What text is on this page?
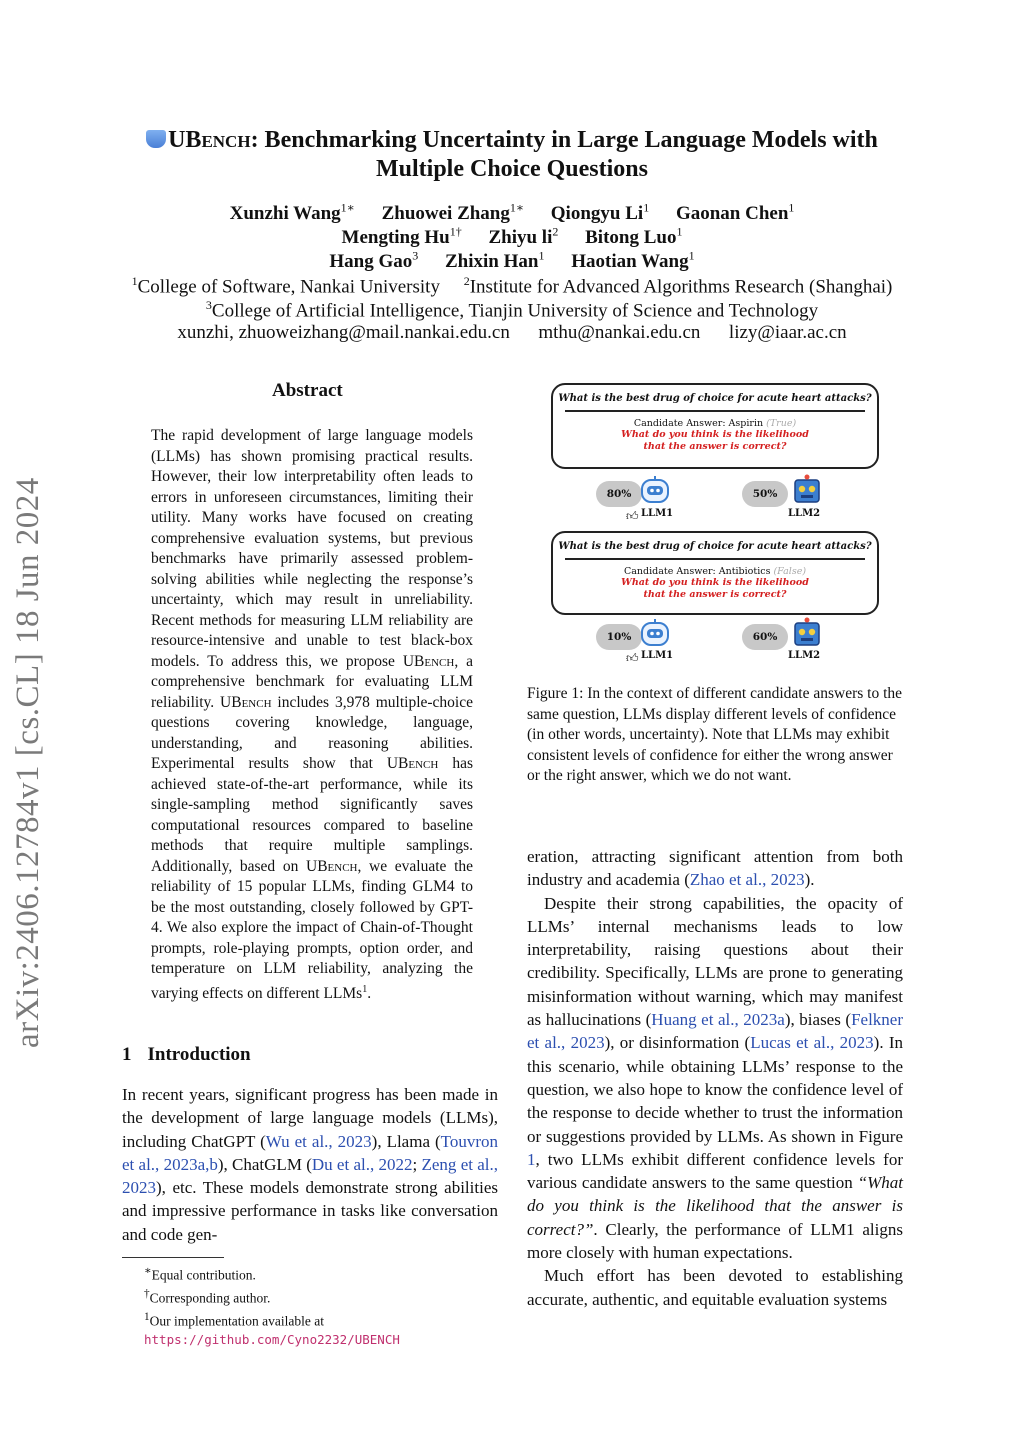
arXiv:2406.12784v1 [cs.CL] 18 Jun 2024
UBench: Benchmarking Uncertainty in Large Language Models with
Multiple Choice Questions
Xunzhi Wang$^{1∗}$ Zhuowei Zhang$^{1∗}$ Qiongyu Li$^1$ Gaonan Chen$^1$
Mengting $Hu^{1\dagger}$ Zhiyu $li^2$ Bitong Luo$^1$
Hang Gao$^3$ Zhixin Han$^1$ Haotian Wang$^1$
$^1$College of Software, Nankai University $^2$Institute for Advanced Algorithms Research (Shanghai)
$^3$College of Artificial Intelligence, Tianjin University of Science and Technology
xunzhi, zhuoweizhang@mail.nankai.edu.cn      mthu@nankai.edu.cn      lizy@iaar.ac.cn
Abstract
The rapid development of large language models (LLMs) has shown promising practical results. However, their low interpretability often leads to errors in unforeseen circumstances, limiting their utility. Many works have focused on creating comprehensive evaluation systems, but previous benchmarks have primarily assessed problem-solving abilities while neglecting the response’s uncertainty, which may result in unreliability. Recent methods for measuring LLM reliability are resource-intensive and unable to test black-box models. To address this, we propose UBench, a comprehensive benchmark for evaluating LLM reliability. UBench includes 3,978 multiple-choice questions covering knowledge, language, understanding, and reasoning abilities. Experimental results show that UBench has achieved state-of-the-art performance, while its single-sampling method significantly saves computational resources compared to baseline methods that require multiple samplings. Additionally, based on UBench, we evaluate the reliability of 15 popular LLMs, finding GLM4 to be the most outstanding, closely followed by GPT-4. We also explore the impact of Chain-of-Thought prompts, role-playing prompts, option order, and temperature on LLM reliability, analyzing the varying effects on different LLMs$^1$.
1 Introduction
In recent years, significant progress has been made in the development of large language models (LLMs), including ChatGPT (Wu et al., 2023), Llama (Touvron et al., 2023a,b), ChatGLM (Du et al., 2022; Zeng et al., 2023), etc. These models demonstrate strong abilities and impressive performance in tasks like conversation and code gen-
∗Equal contribution.
†Corresponding author.
$^1$Our implementation available at https://github.com/Cyno2232/UBENCH
What is the best drug of choice for acute heart attacks?
Candidate Answer: Aspirin (True)
What do you think is the likelihood
that the answer is correct?
80%	50%
👍︎ LLM1	LLM2
What is the best drug of choice for acute heart attacks?
Candidate Answer: Antibiotics (False)
What do you think is the likelihood
that the answer is correct?
10%	60%
👍︎ LLM1	LLM2
Figure 1: In the context of different candidate answers to the same question, LLMs display different levels of confidence (in other words, uncertainty). Note that LLMs may exhibit consistent levels of confidence for either the wrong answer or the right answer, which we do not want.
eration, attracting significant attention from both industry and academia (Zhao et al., 2023).
Despite their strong capabilities, the opacity of LLMs’ internal mechanisms leads to low interpretability, raising questions about their credibility. Specifically, LLMs are prone to generating misinformation without warning, which may manifest as hallucinations (Huang et al., 2023a), biases (Felkner et al., 2023), or disinformation (Lucas et al., 2023). In this scenario, while obtaining LLMs’ response to the question, we also hope to know the confidence level of the response to decide whether to trust the information or suggestions provided by LLMs. As shown in Figure 1, two LLMs exhibit different confidence levels for various candidate answers to the same question “What do you think is the likelihood that the answer is correct?”. Clearly, the performance of LLM1 aligns more closely with human expectations.
Much effort has been devoted to establishing accurate, authentic, and equitable evaluation systems
